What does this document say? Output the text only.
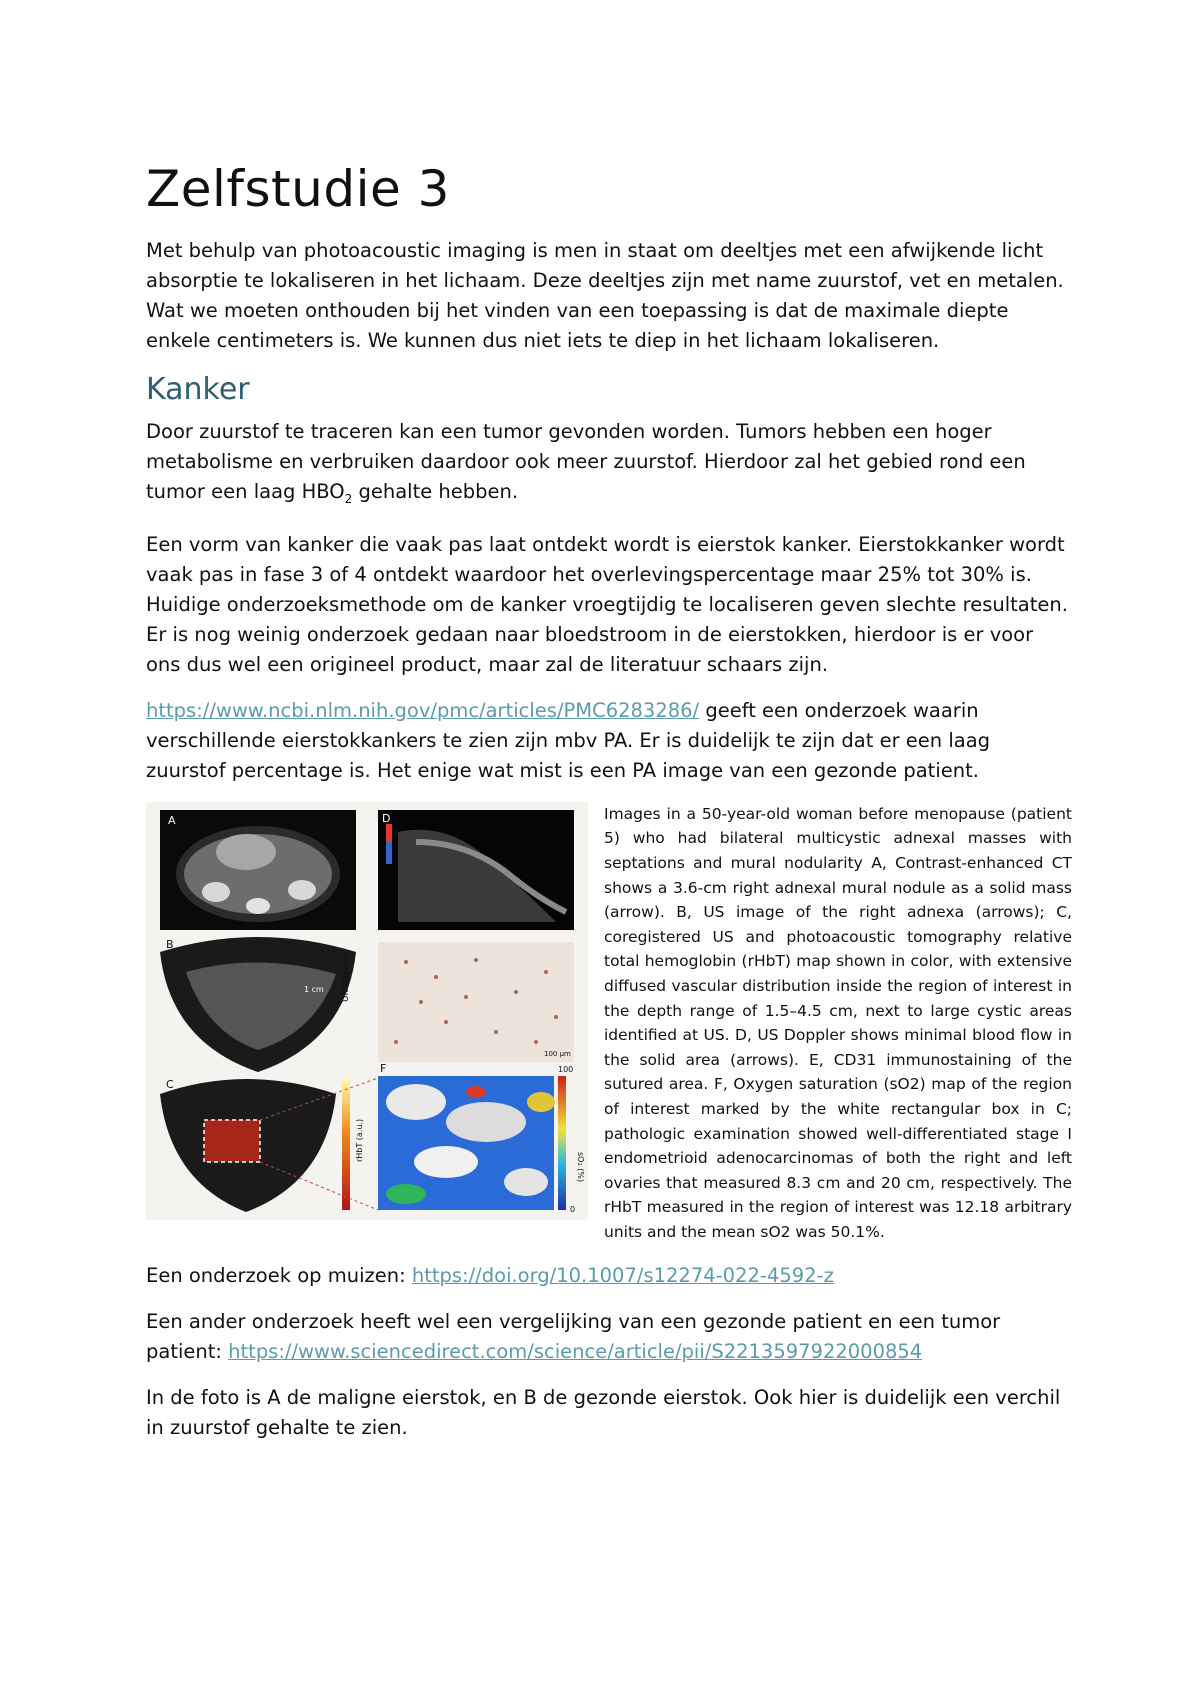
Zelfstudie 3

Met behulp van photoacoustic imaging is men in staat om deeltjes met een afwijkende licht absorptie te lokaliseren in het lichaam. Deze deeltjes zijn met name zuurstof, vet en metalen. Wat we moeten onthouden bij het vinden van een toepassing is dat de maximale diepte enkele centimeters is. We kunnen dus niet iets te diep in het lichaam lokaliseren.

Kanker

Door zuurstof te traceren kan een tumor gevonden worden. Tumors hebben een hoger metabolisme en verbruiken daardoor ook meer zuurstof. Hierdoor zal het gebied rond een tumor een laag $HBO_2$ gehalte hebben.

Een vorm van kanker die vaak pas laat ontdekt wordt is eierstok kanker. Eierstokkanker wordt vaak pas in fase 3 of 4 ontdekt waardoor het overlevingspercentage maar 25% tot 30% is. Huidige onderzoeksmethode om de kanker vroegtijdig te localiseren geven slechte resultaten. Er is nog weinig onderzoek gedaan naar bloedstroom in de eierstokken, hierdoor is er voor ons dus wel een origineel product, maar zal de literatuur schaars zijn.

https://www.ncbi.nlm.nih.gov/pmc/articles/PMC6283286/ geeft een onderzoek waarin verschillende eierstokkankers te zien zijn mbv PA. Er is duidelijk te zijn dat er een laag zuurstof percentage is. Het enige wat mist is een PA image van een gezonde patient.

A	D
B
1 cm Ultrasound
100 µm
C
rHbT (a.u.)
F	100
0
sO₂ (%)

Images in a 50-year-old woman before menopause (patient 5) who had bilateral multicystic adnexal masses with septations and mural nodularity A, Contrast-enhanced CT shows a 3.6-cm right adnexal mural nodule as a solid mass (arrow). B, US image of the right adnexa (arrows); C, coregistered US and photoacoustic tomography relative total hemoglobin (rHbT) map shown in color, with extensive diffused vascular distribution inside the region of interest in the depth range of 1.5–4.5 cm, next to large cystic areas identified at US. D, US Doppler shows minimal blood flow in the solid area (arrows). E, CD31 immunostaining of the sutured area. F, Oxygen saturation (sO2) map of the region of interest marked by the white rectangular box in C; pathologic examination showed well-differentiated stage I endometrioid adenocarcinomas of both the right and left ovaries that measured 8.3 cm and 20 cm, respectively. The rHbT measured in the region of interest was 12.18 arbitrary units and the mean sO2 was 50.1%.

Een onderzoek op muizen: https://doi.org/10.1007/s12274-022-4592-z

Een ander onderzoek heeft wel een vergelijking van een gezonde patient en een tumor patient: https://www.sciencedirect.com/science/article/pii/S2213597922000854

In de foto is A de maligne eierstok, en B de gezonde eierstok. Ook hier is duidelijk een verchil in zuurstof gehalte te zien.
